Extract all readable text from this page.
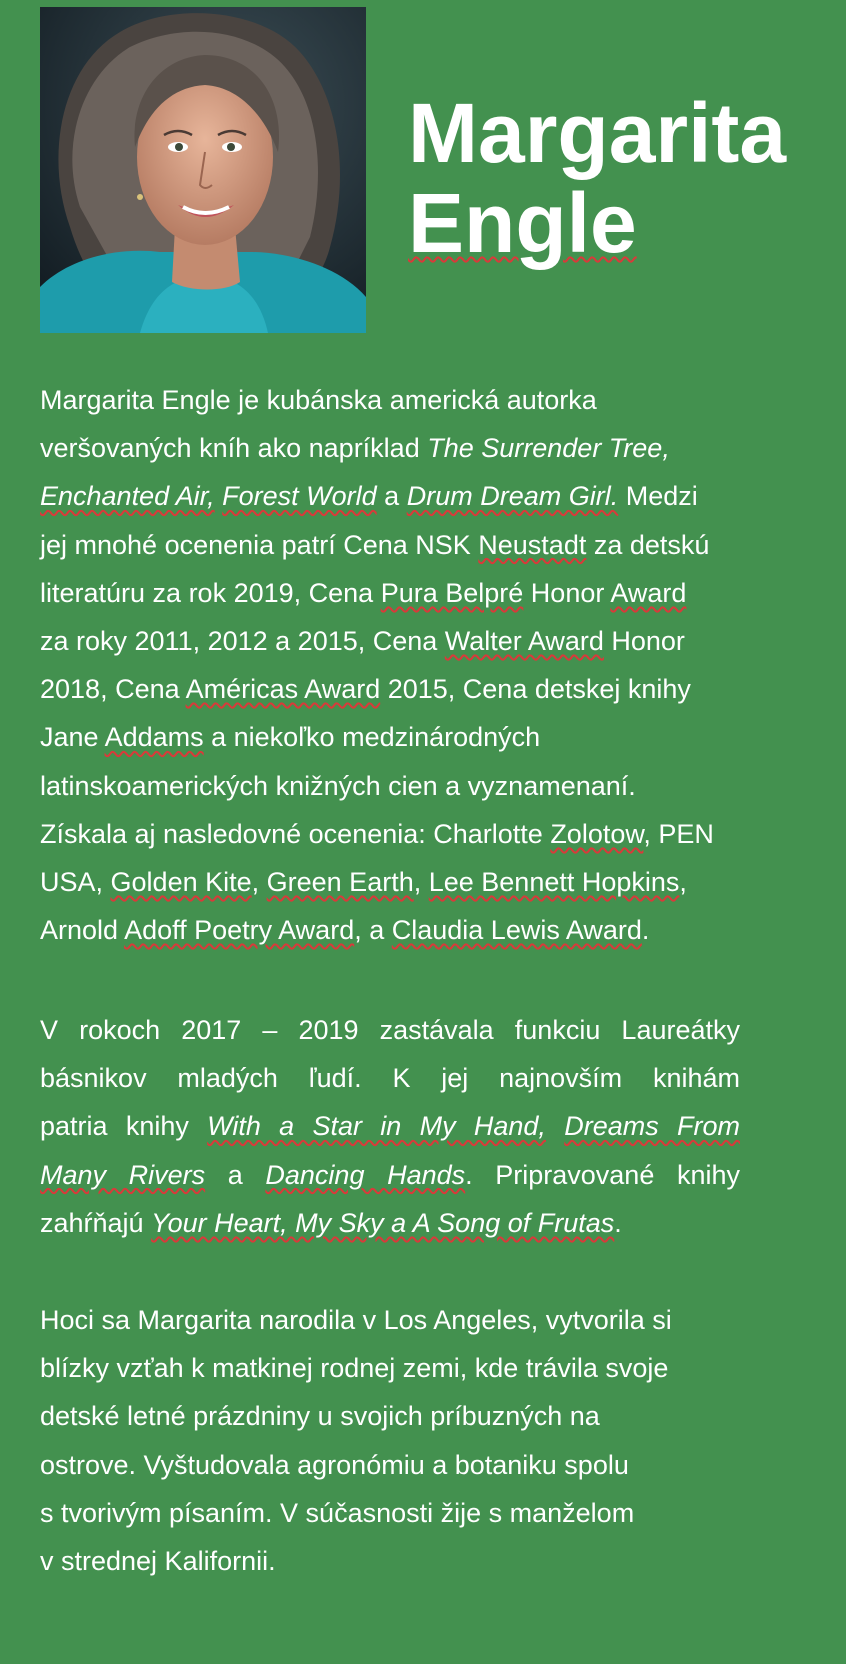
Margarita
Engle
Margarita Engle je kubánska americká autorka
veršovaných kníh ako napríklad The Surrender Tree,
Enchanted Air, Forest World a Drum Dream Girl. Medzi
jej mnohé ocenenia patrí Cena NSK Neustadt za detskú
literatúru za rok 2019, Cena Pura Belpré Honor Award
za roky 2011, 2012 a 2015, Cena Walter Award Honor
2018, Cena Américas Award 2015, Cena detskej knihy
Jane Addams a niekoľko medzinárodných
latinskoamerických knižných cien a vyznamenaní.
Získala aj nasledovné ocenenia: Charlotte Zolotow, PEN
USA, Golden Kite, Green Earth, Lee Bennett Hopkins,
Arnold Adoff Poetry Award, a Claudia Lewis Award.
V rokoch 2017 – 2019 zastávala funkciu Laureátky
básnikov mladých ľudí. K jej najnovším knihám
patria knihy With a Star in My Hand, Dreams From
Many Rivers a Dancing Hands. Pripravované knihy
zahŕňajú Your Heart, My Sky a A Song of Frutas.
Hoci sa Margarita narodila v Los Angeles, vytvorila si
blízky vzťah k matkinej rodnej zemi, kde trávila svoje
detské letné prázdniny u svojich príbuzných na
ostrove. Vyštudovala agronómiu a botaniku spolu
s tvorivým písaním. V súčasnosti žije s manželom
v strednej Kalifornii.
